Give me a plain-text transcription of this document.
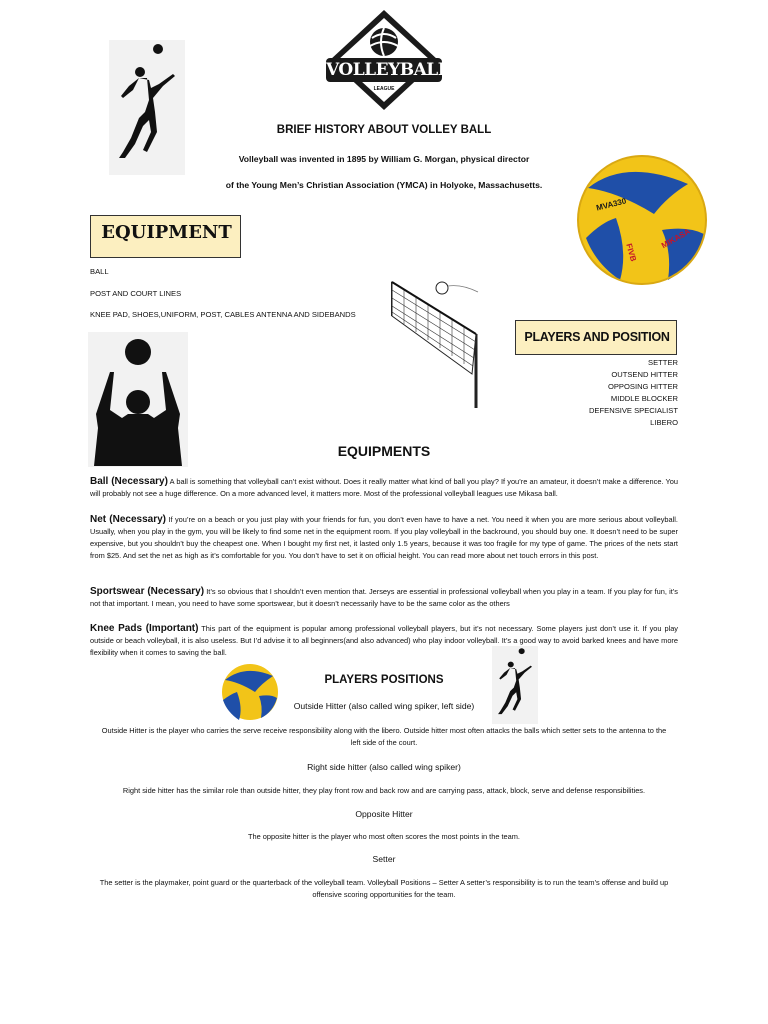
VOLLEYBALL
LEAGUE
BRIEF HISTORY ABOUT VOLLEY BALL
Volleyball was invented in 1895 by William G. Morgan, physical director
of the Young Men’s Christian Association (YMCA) in Holyoke, Massachusetts.
MVA330
MIKASA
FIVB
EQUIPMENT
BALL
POST AND COURT LINES
KNEE PAD, SHOES,UNIFORM, POST, CABLES ANTENNA AND SIDEBANDS
PLAYERS AND POSITION
SETTER
OUTSEND HITTER
OPPOSING HITTER
MIDDLE BLOCKER
DEFENSIVE SPECIALIST
LIBERO
EQUIPMENTS
Ball (Necessary) A ball is something that volleyball can’t exist without. Does it really matter what kind of ball you play? If you’re an amateur, it doesn’t make a difference. You will probably not see a huge difference. On a more advanced level, it matters more. Most of the professional volleyball leagues use Mikasa ball.
Net (Necessary) If you’re on a beach or you just play with your friends for fun, you don’t even have to have a net. You need it when you are more serious about volleyball. Usually, when you play in the gym, you will be likely to find some net in the equipment room. If you play volleyball in the backround, you should buy one. It doesn’t need to be super expensive, but you shouldn’t buy the cheapest one. When I bought my first net, it lasted only 1.5 years, because it was too fragile for my type of game. The prices of the nets start from $25. And set the net as high as it’s comfortable for you. You don’t have to set it on official height. You can read more about net touch errors in this post.
Sportswear (Necessary) It’s so obvious that I shouldn’t even mention that. Jerseys are essential in professional volleyball when you play in a team. If you play for fun, it’s not that important. I mean, you need to have some sportswear, but it doesn’t necessarily have to be the same color as the others
Knee Pads (Important) This part of the equipment is popular among professional volleyball players, but it’s not necessary. Some players just don’t use it. If you play outside or beach volleyball, it is also useless. But I’d advise it to all beginners(and also advanced) who play indoor volleyball. It’s a good way to avoid barked knees and have more flexibility when it comes to saving the ball.
PLAYERS POSITIONS
Outside Hitter (also called wing spiker, left side)
Outside Hitter is the player who carries the serve receive responsibility along with the libero. Outside hitter most often attacks the balls which setter sets to the antenna to the left side of the court.
Right side hitter (also called wing spiker)
Right side hitter has the similar role than outside hitter, they play front row and back row and are carrying pass, attack, block, serve and defense responsibilities.
Opposite Hitter
The opposite hitter is the player who most often scores the most points in the team.
Setter
The setter is the playmaker, point guard or the quarterback of the volleyball team. Volleyball Positions – Setter A setter’s responsibility is to run the team’s offense and build up offensive scoring opportunities for the team.
